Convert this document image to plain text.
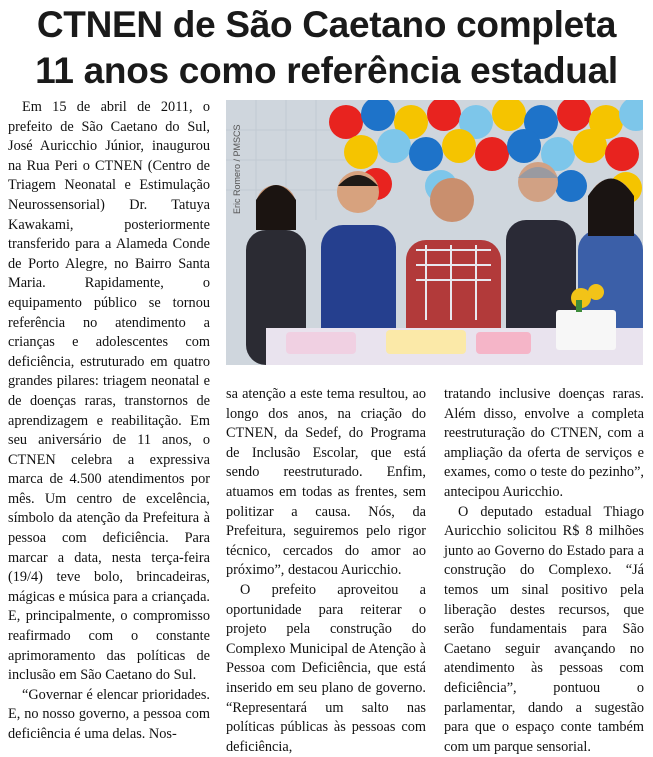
CTNEN de São Caetano completa
11 anos como referência estadual

Em 15 de abril de 2011, o prefeito de São Caetano do Sul, José Auricchio Júnior, inaugurou na Rua Peri o CTNEN (Centro de Triagem Neonatal e Estimulação Neurossensorial) Dr. Tatuya Kawakami, posteriormente transferido para a Alameda Conde de Porto Alegre, no Bairro Santa Maria. Rapidamente, o equipamento público se tornou referência no atendimento a crianças e adolescentes com deficiência, estruturado em quatro grandes pilares: triagem neonatal e de doenças raras, transtornos de aprendizagem e reabilitação. Em seu aniversário de 11 anos, o CTNEN celebra a expressiva marca de 4.500 atendimentos por mês. Um centro de excelência, símbolo da atenção da Prefeitura à pessoa com deficiência. Para marcar a data, nesta terça-feira (19/4) teve bolo, brincadeiras, mágicas e música para a criançada. E, principalmente, o compromisso reafirmado com o constante aprimoramento das políticas de inclusão em São Caetano do Sul.

“Governar é elencar prioridades. E, no nosso governo, a pessoa com deficiência é uma delas. Nos-

Eric Romero / PMSCS

sa atenção a este tema resultou, ao longo dos anos, na criação do CTNEN, da Sedef, do Programa de Inclusão Escolar, que está sendo reestruturado. Enfim, atuamos em todas as frentes, sem politizar a causa. Nós, da Prefeitura, seguiremos pelo rigor técnico, cercados do amor ao próximo”, destacou Auricchio.

O prefeito aproveitou a oportunidade para reiterar o projeto pela construção do Complexo Municipal de Atenção à Pessoa com Deficiência, que está inserido em seu plano de governo. “Representará um salto nas políticas públicas às pessoas com deficiência,

tratando inclusive doenças raras. Além disso, envolve a completa reestruturação do CTNEN, com a ampliação da oferta de serviços e exames, como o teste do pezinho”, antecipou Auricchio.

O deputado estadual Thiago Auricchio solicitou R$ 8 milhões junto ao Governo do Estado para a construção do Complexo. “Já temos um sinal positivo pela liberação destes recursos, que serão fundamentais para São Caetano seguir avançando no atendimento às pessoas com deficiência”, pontuou o parlamentar, dando a sugestão para que o espaço conte também com um parque sensorial.
